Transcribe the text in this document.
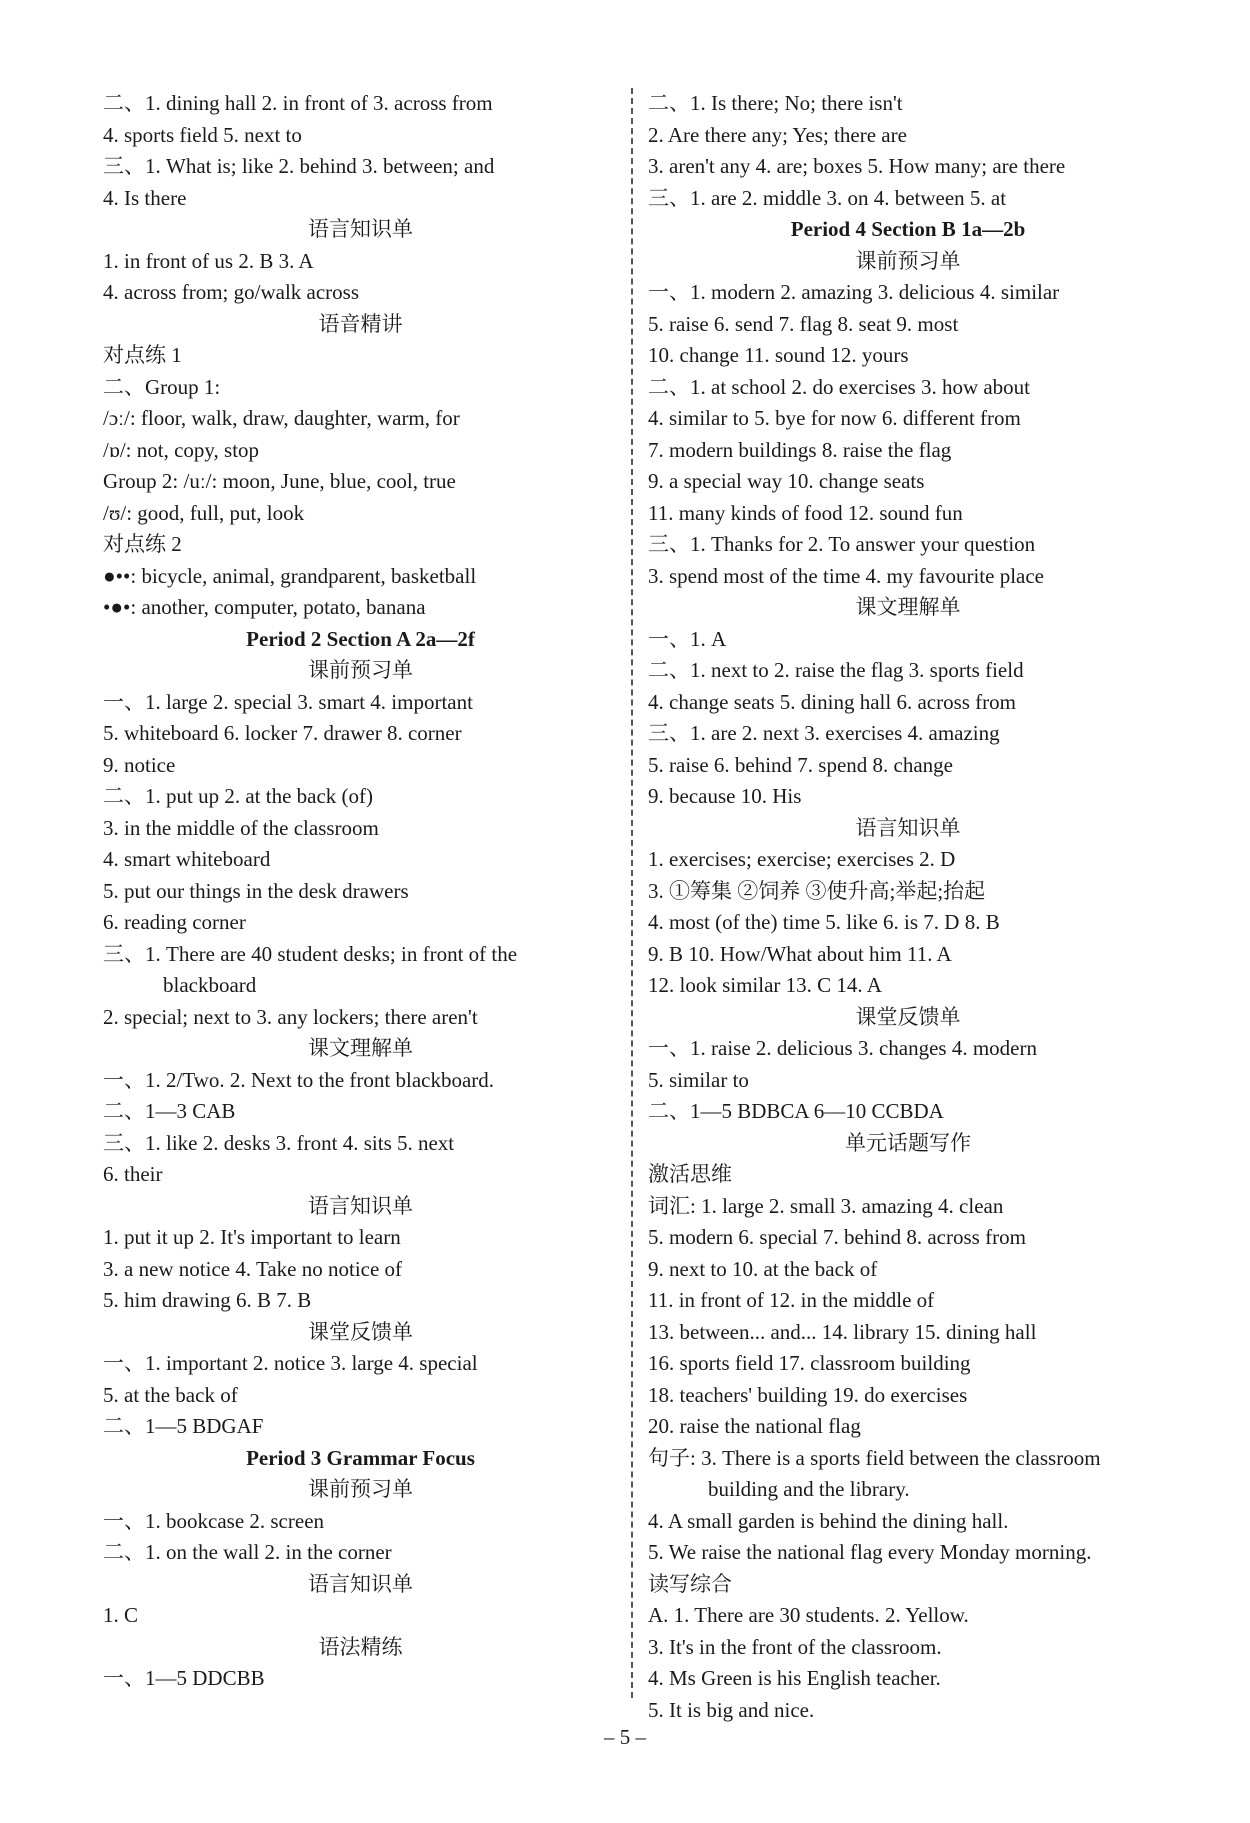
二、1. dining hall 2. in front of 3. across from
4. sports field 5. next to
三、1. What is; like 2. behind 3. between; and
4. Is there
语言知识单
1. in front of us 2. B 3. A
4. across from; go/walk across
语音精讲
对点练 1
二、Group 1:
/ɔː/: floor, walk, draw, daughter, warm, for
/ɒ/: not, copy, stop
Group 2: /uː/: moon, June, blue, cool, true
/ʊ/: good, full, put, look
对点练 2
●••: bicycle, animal, grandparent, basketball
•●•: another, computer, potato, banana
Period 2 Section A 2a—2f
课前预习单
一、1. large 2. special 3. smart 4. important
5. whiteboard 6. locker 7. drawer 8. corner
9. notice
二、1. put up 2. at the back (of)
3. in the middle of the classroom
4. smart whiteboard
5. put our things in the desk drawers
6. reading corner
三、1. There are 40 student desks; in front of the
blackboard
2. special; next to 3. any lockers; there aren't
课文理解单
一、1. 2/Two. 2. Next to the front blackboard.
二、1—3 CAB
三、1. like 2. desks 3. front 4. sits 5. next
6. their
语言知识单
1. put it up 2. It's important to learn
3. a new notice 4. Take no notice of
5. him drawing 6. B 7. B
课堂反馈单
一、1. important 2. notice 3. large 4. special
5. at the back of
二、1—5 BDGAF
Period 3 Grammar Focus
课前预习单
一、1. bookcase 2. screen
二、1. on the wall 2. in the corner
语言知识单
1. C
语法精练
一、1—5 DDCBB
二、1. Is there; No; there isn't
2. Are there any; Yes; there are
3. aren't any 4. are; boxes 5. How many; are there
三、1. are 2. middle 3. on 4. between 5. at
Period 4 Section B 1a—2b
课前预习单
一、1. modern 2. amazing 3. delicious 4. similar
5. raise 6. send 7. flag 8. seat 9. most
10. change 11. sound 12. yours
二、1. at school 2. do exercises 3. how about
4. similar to 5. bye for now 6. different from
7. modern buildings 8. raise the flag
9. a special way 10. change seats
11. many kinds of food 12. sound fun
三、1. Thanks for 2. To answer your question
3. spend most of the time 4. my favourite place
课文理解单
一、1. A
二、1. next to 2. raise the flag 3. sports field
4. change seats 5. dining hall 6. across from
三、1. are 2. next 3. exercises 4. amazing
5. raise 6. behind 7. spend 8. change
9. because 10. His
语言知识单
1. exercises; exercise; exercises 2. D
3. ①筹集 ②饲养 ③使升高;举起;抬起
4. most (of the) time 5. like 6. is 7. D 8. B
9. B 10. How/What about him 11. A
12. look similar 13. C 14. A
课堂反馈单
一、1. raise 2. delicious 3. changes 4. modern
5. similar to
二、1—5 BDBCA 6—10 CCBDA
单元话题写作
激活思维
词汇: 1. large 2. small 3. amazing 4. clean
5. modern 6. special 7. behind 8. across from
9. next to 10. at the back of
11. in front of 12. in the middle of
13. between... and... 14. library 15. dining hall
16. sports field 17. classroom building
18. teachers' building 19. do exercises
20. raise the national flag
句子: 3. There is a sports field between the classroom
building and the library.
4. A small garden is behind the dining hall.
5. We raise the national flag every Monday morning.
读写综合
A. 1. There are 30 students. 2. Yellow.
3. It's in the front of the classroom.
4. Ms Green is his English teacher.
5. It is big and nice.
– 5 –
